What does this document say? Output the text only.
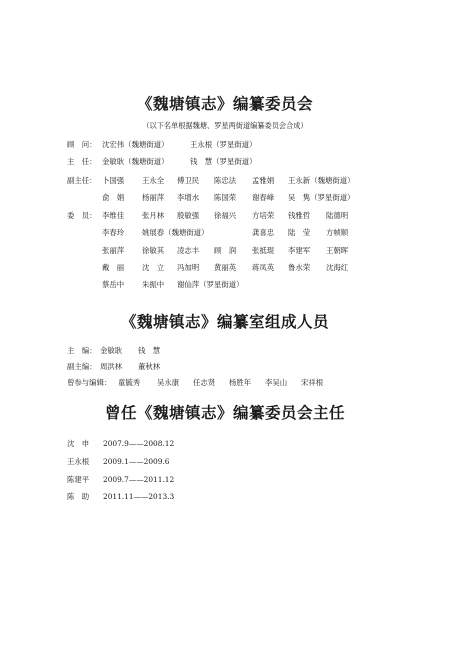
《魏塘镇志》编纂委员会
（以下名单根据魏塘、罗星两街道编纂委员会合成）
顾　问： 沈宏伟（魏塘街道）	王永根（罗星街道）
主　任： 金敏耿（魏塘街道）	钱　慧（罗星街道）
副主任： 卜国强 王永全 傅卫民 陈忠法 孟雅娟 王永新（魏塘街道）
俞　娟 杨丽萍 李增水 陈国荣 谢春峰 吴　隽（罗星街道）
委　员： 李维佳 张月林 殷敏强 徐福兴 方培荣 钱雅哲 陆德明
李春玲 姚展春（魏塘街道）	龚喜忠 陆　莹 方帧顺
张丽萍 徐敏其 凌志丰 顾　润 张抵琨 李建军 王朝晖
戴　丽 沈　立 冯加明 黄丽英 蒋凤英 鲁水荣 沈海红
蔡岳中 朱振中 谢仙萍（罗星街道）
《魏塘镇志》编纂室组成人员
主　编： 金敏耿 钱　慧
副主编： 周洪林 董秋林
曾参与编辑： 童毓秀 吴永康 任志贤 杨胜年 李吴山 宋祥根
曾任《魏塘镇志》编纂委员会主任
沈　申 2007.9——2008.12
王永根 2009.1——2009.6
陈建平 2009.7——2011.12
陈　助 2011.11——2013.3
